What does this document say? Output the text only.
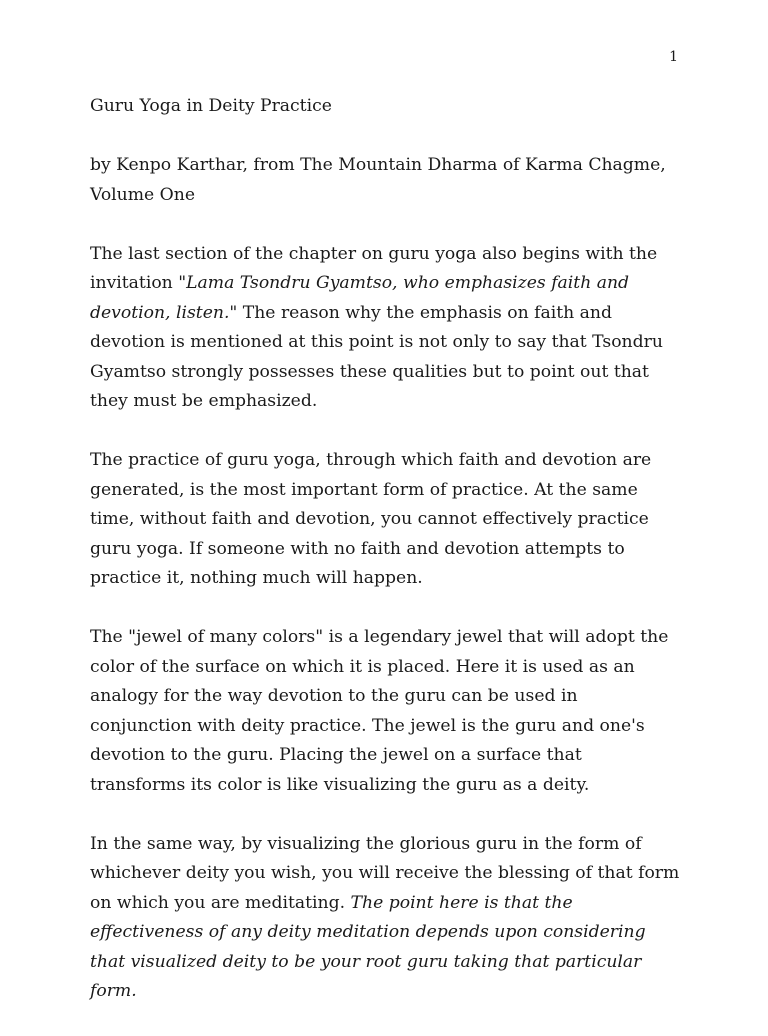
1

Guru Yoga in Deity Practice

by Kenpo Karthar, from The Mountain Dharma of Karma Chagme, Volume One

The last section of the chapter on guru yoga also begins with the invitation "Lama Tsondru Gyamtso, who emphasizes faith and devotion, listen." The reason why the emphasis on faith and devotion is mentioned at this point is not only to say that Tsondru Gyamtso strongly possesses these qualities but to point out that they must be emphasized.

The practice of guru yoga, through which faith and devotion are generated, is the most important form of practice. At the same time, without faith and devotion, you cannot effectively practice guru yoga. If someone with no faith and devotion attempts to practice it, nothing much will happen.

The "jewel of many colors" is a legendary jewel that will adopt the color of the surface on which it is placed. Here it is used as an analogy for the way devotion to the guru can be used in conjunction with deity practice. The jewel is the guru and one's devotion to the guru. Placing the jewel on a surface that transforms its color is like visualizing the guru as a deity.

In the same way, by visualizing the glorious guru in the form of whichever deity you wish, you will receive the blessing of that form on which you are meditating. The point here is that the effectiveness of any deity meditation depends upon considering that visualized deity to be your root guru taking that particular form.
